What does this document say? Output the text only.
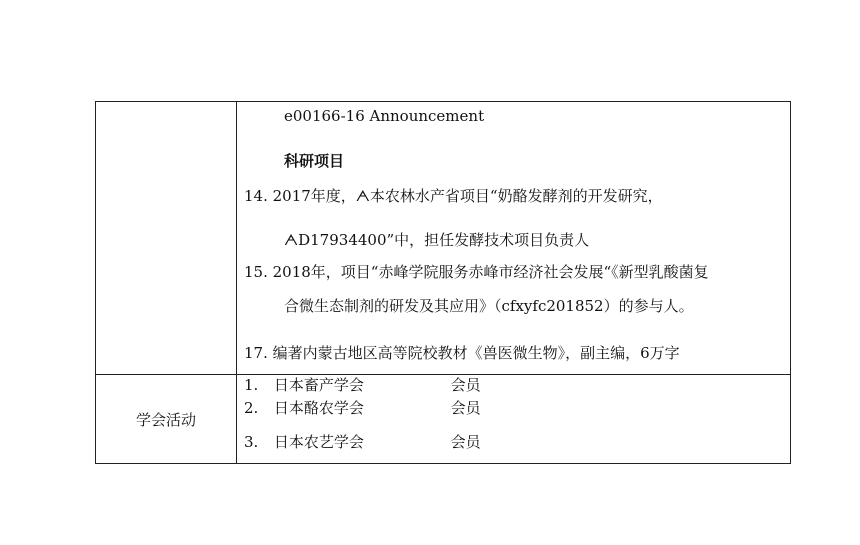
e00166-16 Announcement
科研项目
14. 2017年度，ᗅ本农林水产省项目“奶酪发酵剂的开发研究，
ᗅD17934400”中，担任发酵技术项目负责人
15. 2018年，项目“赤峰学院服务赤峰市经济社会发展“《新型乳酸菌复
合微生态制剂的研发及其应用》（cfxyfc201852）的参与人。
17. 编著内蒙古地区高等院校教材《兽医微生物》，副主编，6万字
学会活动
1. 日本畜产学会	会员
2. 日本酪农学会	会员
3. 日本农艺学会	会员
